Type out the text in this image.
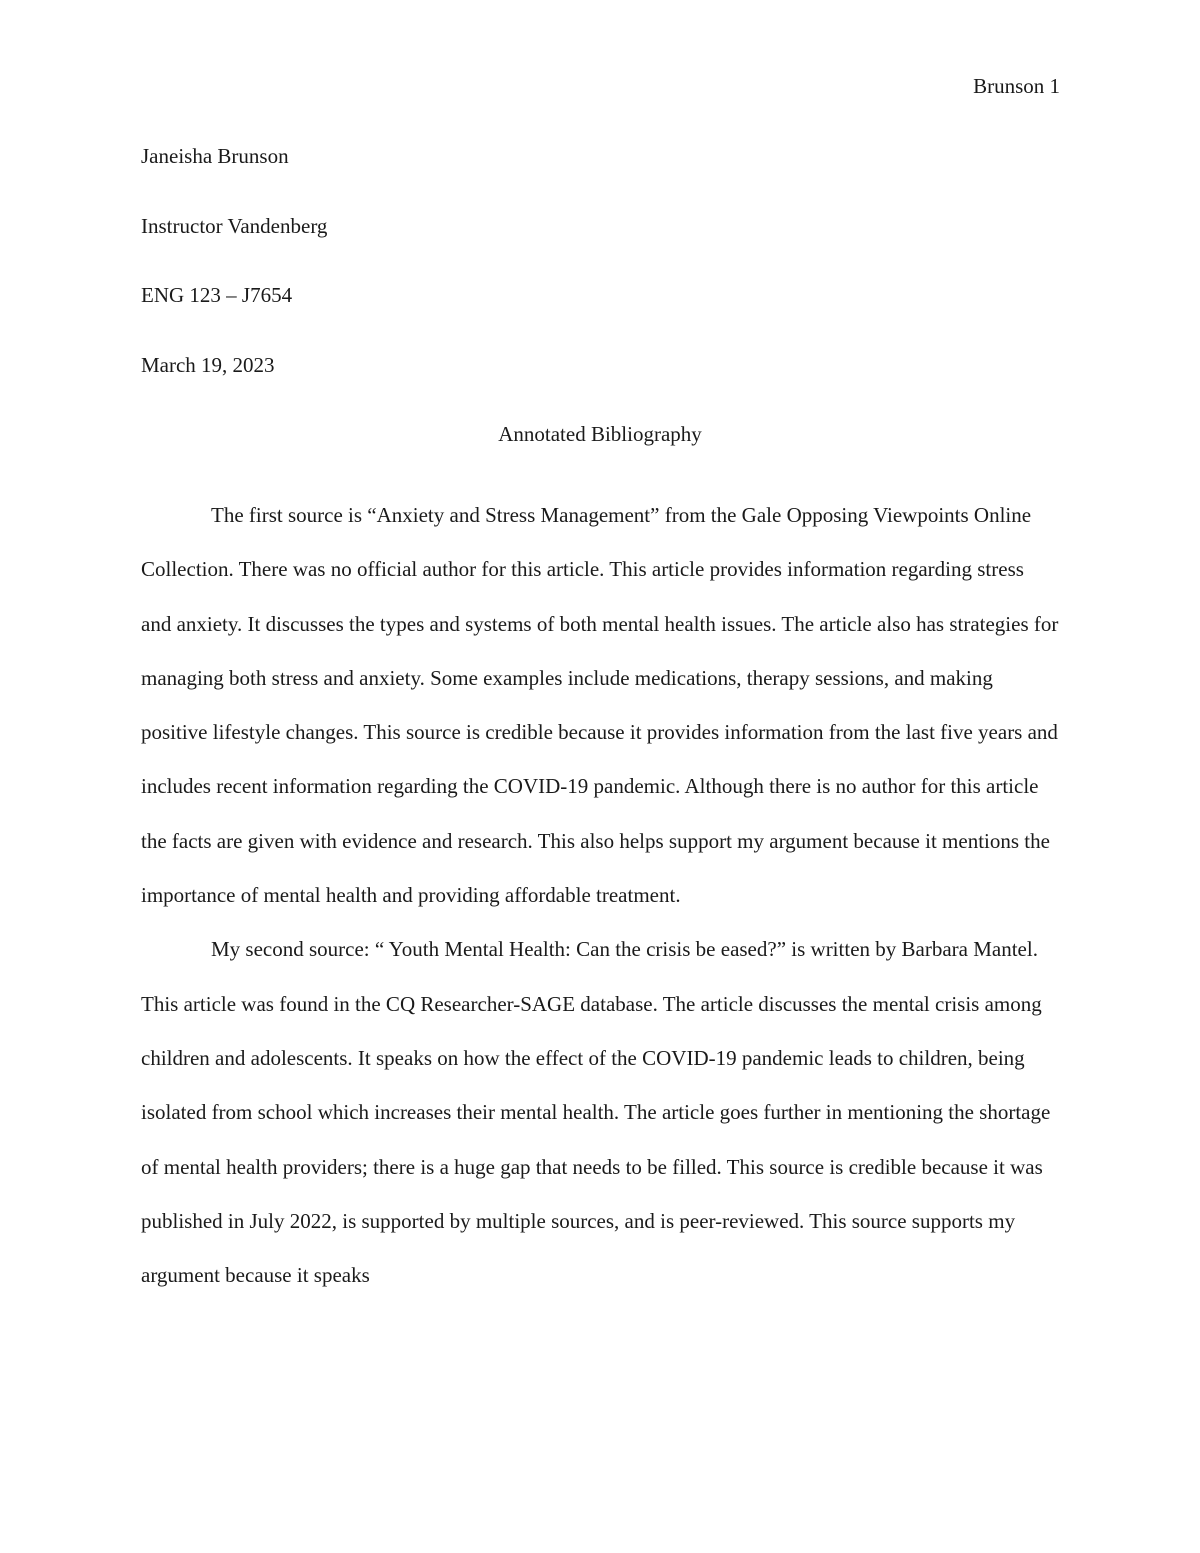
Brunson 1

Janeisha Brunson

Instructor Vandenberg

ENG 123 – J7654

March 19, 2023

Annotated Bibliography

The first source is “Anxiety and Stress Management” from the Gale Opposing Viewpoints Online Collection. There was no official author for this article. This article provides information regarding stress and anxiety. It discusses the types and systems of both mental health issues. The article also has strategies for managing both stress and anxiety. Some examples include medications, therapy sessions, and making positive lifestyle changes. This source is credible because it provides information from the last five years and includes recent information regarding the COVID-19 pandemic. Although there is no author for this article the facts are given with evidence and research. This also helps support my argument because it mentions the importance of mental health and providing affordable treatment.

My second source: “ Youth Mental Health: Can the crisis be eased?” is written by Barbara Mantel. This article was found in the CQ Researcher-SAGE database. The article discusses the mental crisis among children and adolescents. It speaks on how the effect of the COVID-19 pandemic leads to children, being isolated from school which increases their mental health. The article goes further in mentioning the shortage of mental health providers; there is a huge gap that needs to be filled. This source is credible because it was published in July 2022, is supported by multiple sources, and is peer-reviewed. This source supports my argument because it speaks
